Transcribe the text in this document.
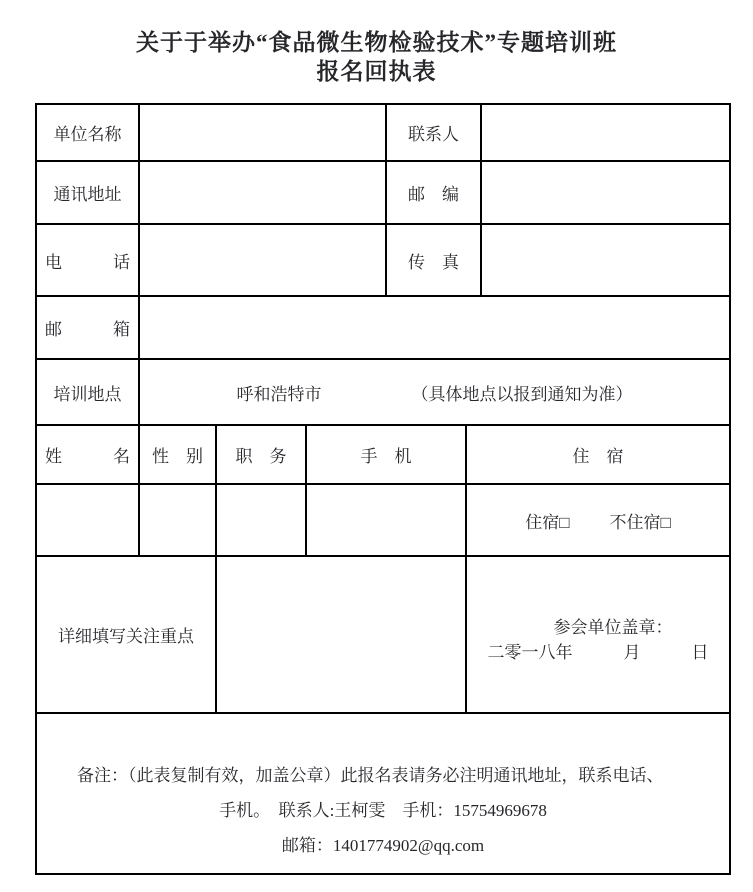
关于于举办“食品微生物检验技术”专题培训班
报名回执表
单位名称				联系人		
通讯地址				邮　编		
电　　　话				传　真		
邮　　　箱						
培训地点	呼和浩特市 （具体地点以报到通知为准）					

姓　　　名	性　别	职　务	手　机		住　宿	

					住宿□ 不住宿□	

详细填写关注重点					参会单位盖章：
二零一八年　　　月　　　日	

备注：（此表复制有效，加盖公章）此报名表请务必注明通讯地址，联系电话、
手机。　联系人:王柯雯　手机：15754969678
邮箱：1401774902@qq.com						
